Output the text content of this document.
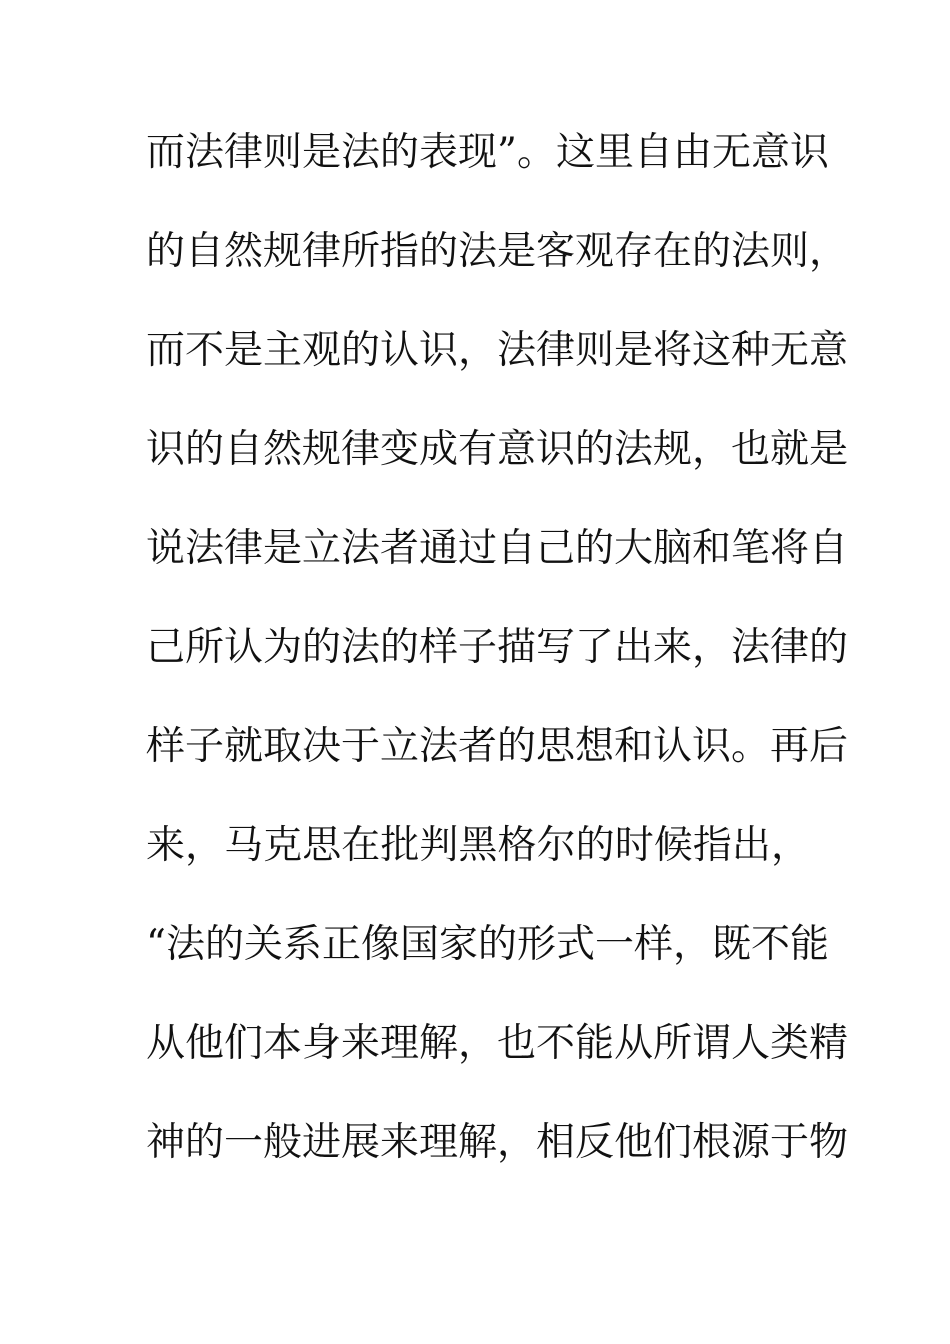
而法律则是法的表现”。这里自由无意识
的自然规律所指的法是客观存在的法则，
而不是主观的认识，法律则是将这种无意
识的自然规律变成有意识的法规，也就是
说法律是立法者通过自己的大脑和笔将自
己所认为的法的样子描写了出来，法律的
样子就取决于立法者的思想和认识。再后
来，马克思在批判黑格尔的时候指出，
“法的关系正像国家的形式一样，既不能
从他们本身来理解，也不能从所谓人类精
神的一般进展来理解，相反他们根源于物
